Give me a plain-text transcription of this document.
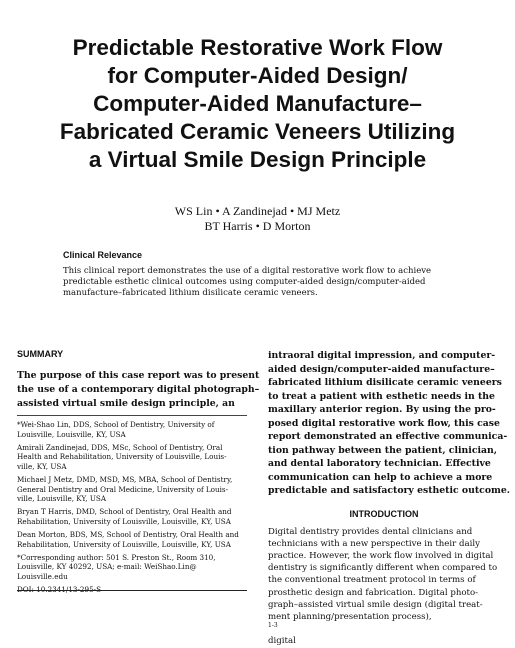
Predictable Restorative Work Flow
for Computer-Aided Design/
Computer-Aided Manufacture–
Fabricated Ceramic Veneers Utilizing
a Virtual Smile Design Principle
WS Lin • A Zandinejad • MJ Metz
BT Harris • D Morton
Clinical Relevance

This clinical report demonstrates the use of a digital restorative work flow to achieve
predictable esthetic clinical outcomes using computer-aided design/computer-aided
manufacture–fabricated lithium disilicate ceramic veneers.

SUMMARY
The purpose of this case report was to present
the use of a contemporary digital photograph–
assisted virtual smile design principle, an
*Wei-Shao Lin, DDS, School of Dentistry, University of
Louisville, Louisville, KY, USA
Amirali Zandinejad, DDS, MSc, School of Dentistry, Oral
Health and Rehabilitation, University of Louisville, Louis-
ville, KY, USA
Michael J Metz, DMD, MSD, MS, MBA, School of Dentistry,
General Dentistry and Oral Medicine, University of Louis-
ville, Louisville, KY, USA
Bryan T Harris, DMD, School of Dentistry, Oral Health and
Rehabilitation, University of Louisville, Louisville, KY, USA
Dean Morton, BDS, MS, School of Dentistry, Oral Health and
Rehabilitation, University of Louisville, Louisville, KY, USA
*Corresponding author: 501 S. Preston St., Room 310,
Louisville, KY 40292, USA; e-mail: WeiShao.Lin@
Louisville.edu
DOI: 10.2341/13-295-S
intraoral digital impression, and computer-
aided design/computer-aided manufacture–
fabricated lithium disilicate ceramic veneers
to treat a patient with esthetic needs in the
maxillary anterior region. By using the pro-
posed digital restorative work flow, this case
report demonstrated an effective communica-
tion pathway between the patient, clinician,
and dental laboratory technician. Effective
communication can help to achieve a more
predictable and satisfactory esthetic outcome.
INTRODUCTION
Digital dentistry provides dental clinicians and
technicians with a new perspective in their daily
practice. However, the work flow involved in digital
dentistry is significantly different when compared to
the conventional treatment protocol in terms of
prosthetic design and fabrication. Digital photo-
graph–assisted virtual smile design (digital treat-
ment planning/presentation process),
$^{1-3}$
digital
